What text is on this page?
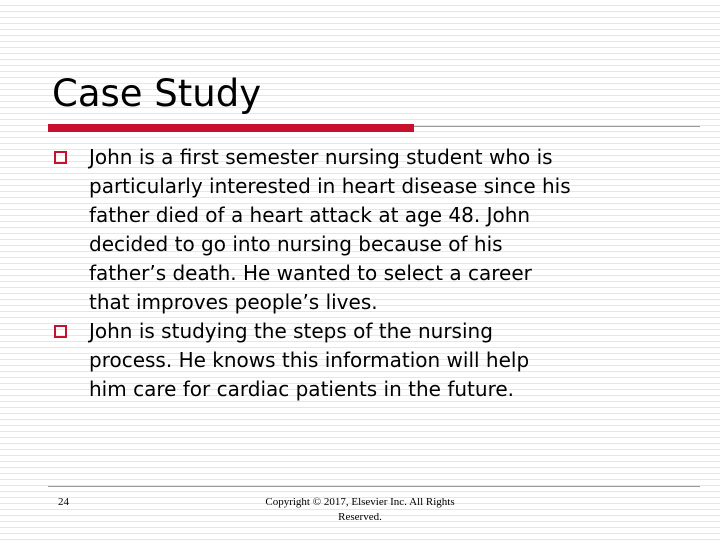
Case Study
John is a first semester nursing student who is
particularly interested in heart disease since his
father died of a heart attack at age 48. John
decided to go into nursing because of his
father’s death. He wanted to select a career
that improves people’s lives.
John is studying the steps of the nursing
process. He knows this information will help
him care for cardiac patients in the future.
24	Copyright © 2017, Elsevier Inc. All Rights
Reserved.
